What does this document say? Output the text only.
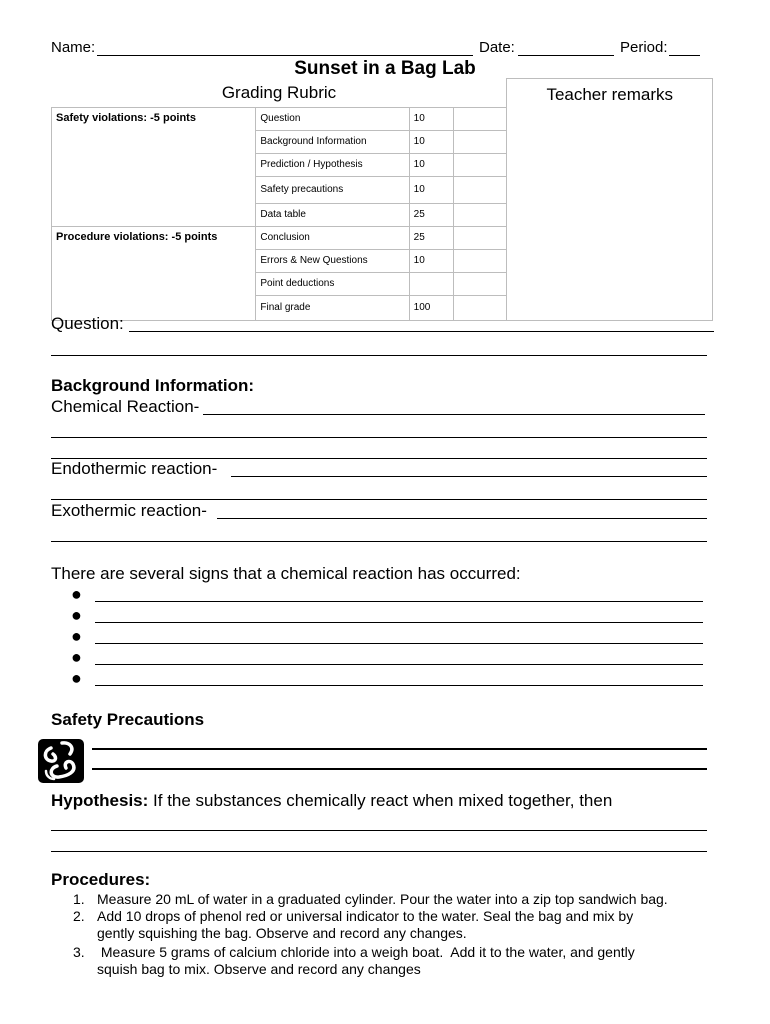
Name:	Date:	Period:
Sunset in a Bag Lab
Grading Rubric				Teacher remarks
Safety violations: -5 points	Question	10		
	Background Information	10		
	Prediction / Hypothesis	10		
	Safety precautions	10		
	Data table	25		
Procedure violations: -5 points	Conclusion	25		
	Errors & New Questions	10		
	Point deductions			
	Final grade	100		
Question:
Background Information:
Chemical Reaction-
Endothermic reaction-
Exothermic reaction-
There are several signs that a chemical reaction has occurred:
●
●
●
●
●
Safety Precautions
Hypothesis: If the substances chemically react when mixed together, then
Procedures:
1. Measure 20 mL of water in a graduated cylinder. Pour the water into a zip top sandwich bag.
2. Add 10 drops of phenol red or universal indicator to the water. Seal the bag and mix by
gently squishing the bag. Observe and record any changes.
3. Measure 5 grams of calcium chloride into a weigh boat.  Add it to the water, and gently
squish bag to mix. Observe and record any changes
